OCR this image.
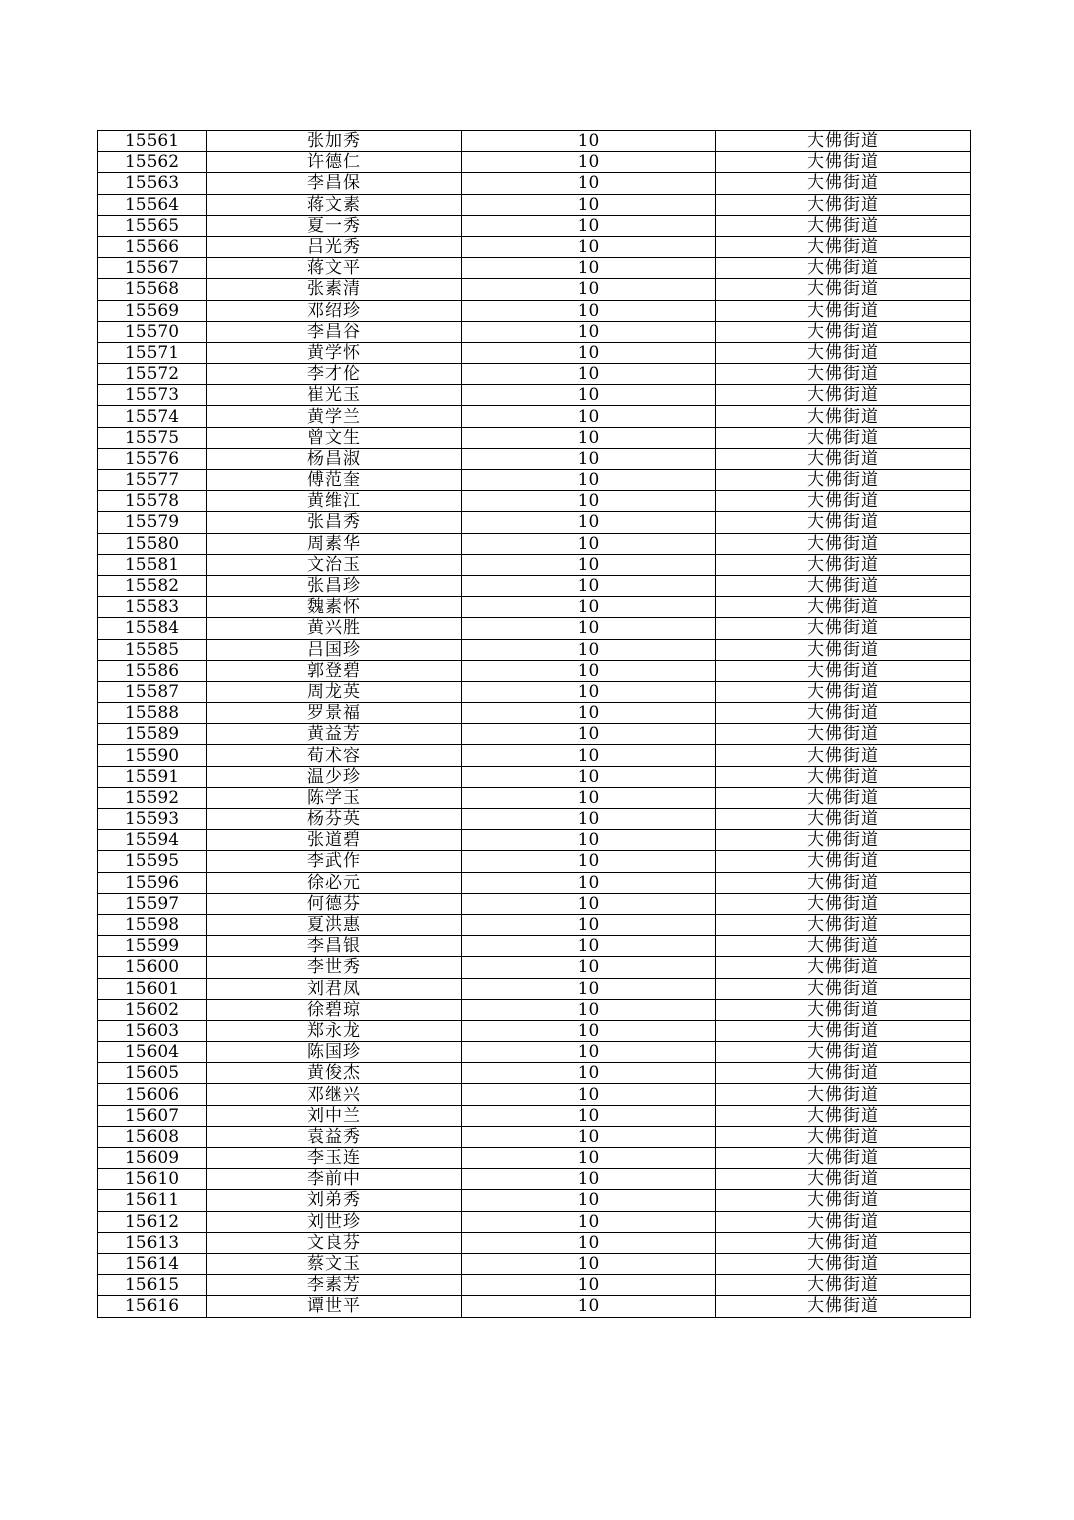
15561	张加秀	10	大佛街道
15562	许德仁	10	大佛街道
15563	李昌保	10	大佛街道
15564	蒋文素	10	大佛街道
15565	夏一秀	10	大佛街道
15566	吕光秀	10	大佛街道
15567	蒋文平	10	大佛街道
15568	张素清	10	大佛街道
15569	邓绍珍	10	大佛街道
15570	李昌谷	10	大佛街道
15571	黄学怀	10	大佛街道
15572	李才伦	10	大佛街道
15573	崔光玉	10	大佛街道
15574	黄学兰	10	大佛街道
15575	曾文生	10	大佛街道
15576	杨昌淑	10	大佛街道
15577	傅范奎	10	大佛街道
15578	黄维江	10	大佛街道
15579	张昌秀	10	大佛街道
15580	周素华	10	大佛街道
15581	文治玉	10	大佛街道
15582	张昌珍	10	大佛街道
15583	魏素怀	10	大佛街道
15584	黄兴胜	10	大佛街道
15585	吕国珍	10	大佛街道
15586	郭登碧	10	大佛街道
15587	周龙英	10	大佛街道
15588	罗景福	10	大佛街道
15589	黄益芳	10	大佛街道
15590	荀术容	10	大佛街道
15591	温少珍	10	大佛街道
15592	陈学玉	10	大佛街道
15593	杨芬英	10	大佛街道
15594	张道碧	10	大佛街道
15595	李武作	10	大佛街道
15596	徐必元	10	大佛街道
15597	何德芬	10	大佛街道
15598	夏洪惠	10	大佛街道
15599	李昌银	10	大佛街道
15600	李世秀	10	大佛街道
15601	刘君凤	10	大佛街道
15602	徐碧琼	10	大佛街道
15603	郑永龙	10	大佛街道
15604	陈国珍	10	大佛街道
15605	黄俊杰	10	大佛街道
15606	邓继兴	10	大佛街道
15607	刘中兰	10	大佛街道
15608	袁益秀	10	大佛街道
15609	李玉连	10	大佛街道
15610	李前中	10	大佛街道
15611	刘弟秀	10	大佛街道
15612	刘世珍	10	大佛街道
15613	文良芬	10	大佛街道
15614	蔡文玉	10	大佛街道
15615	李素芳	10	大佛街道
15616	谭世平	10	大佛街道
